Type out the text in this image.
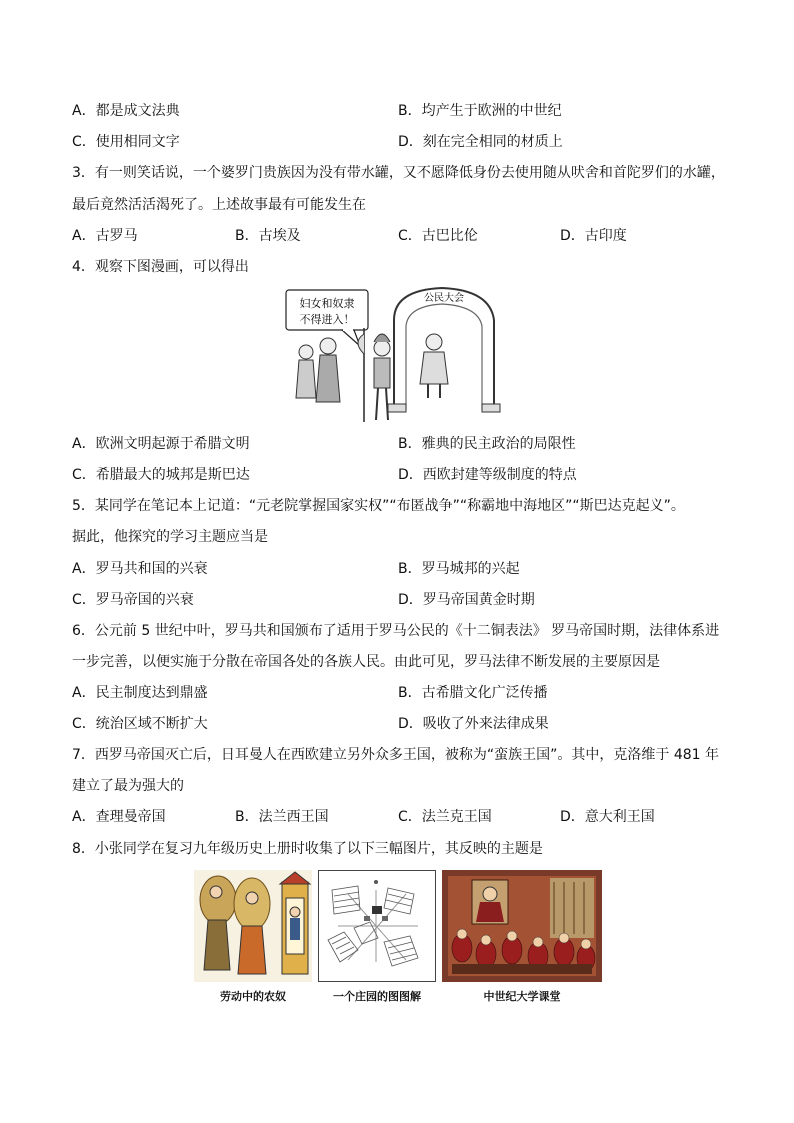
A．都是成文法典	B．均产生于欧洲的中世纪
C．使用相同文字	D．刻在完全相同的材质上
3．有一则笑话说，一个婆罗门贵族因为没有带水罐，又不愿降低身份去使用随从吠舍和首陀罗们的水罐，
最后竟然活活渴死了。上述故事最有可能发生在
A．古罗马	B．古埃及	C．古巴比伦	D．古印度
4．观察下图漫画，可以得出
妇女和奴隶
不得进入！
公民大会
A．欧洲文明起源于希腊文明	B．雅典的民主政治的局限性
C．希腊最大的城邦是斯巴达	D．西欧封建等级制度的特点
5．某同学在笔记本上记道：“元老院掌握国家实权”“布匿战争”“称霸地中海地区”“斯巴达克起义”。
据此，他探究的学习主题应当是
A．罗马共和国的兴衰	B．罗马城邦的兴起
C．罗马帝国的兴衰	D．罗马帝国黄金时期
6．公元前 5 世纪中叶，罗马共和国颁布了适用于罗马公民的《十二铜表法》 罗马帝国时期，法律体系进
一步完善，以便实施于分散在帝国各处的各族人民。由此可见，罗马法律不断发展的主要原因是
A．民主制度达到鼎盛	B．古希腊文化广泛传播
C．统治区域不断扩大	D．吸收了外来法律成果
7．西罗马帝国灭亡后，日耳曼人在西欧建立另外众多王国，被称为“蛮族王国”。其中，克洛维于 481 年
建立了最为强大的
A．查理曼帝国	B．法兰西王国	C．法兰克王国	D．意大利王国
8．小张同学在复习九年级历史上册时收集了以下三幅图片，其反映的主题是
劳动中的农奴	一个庄园的图图解	中世纪大学课堂
